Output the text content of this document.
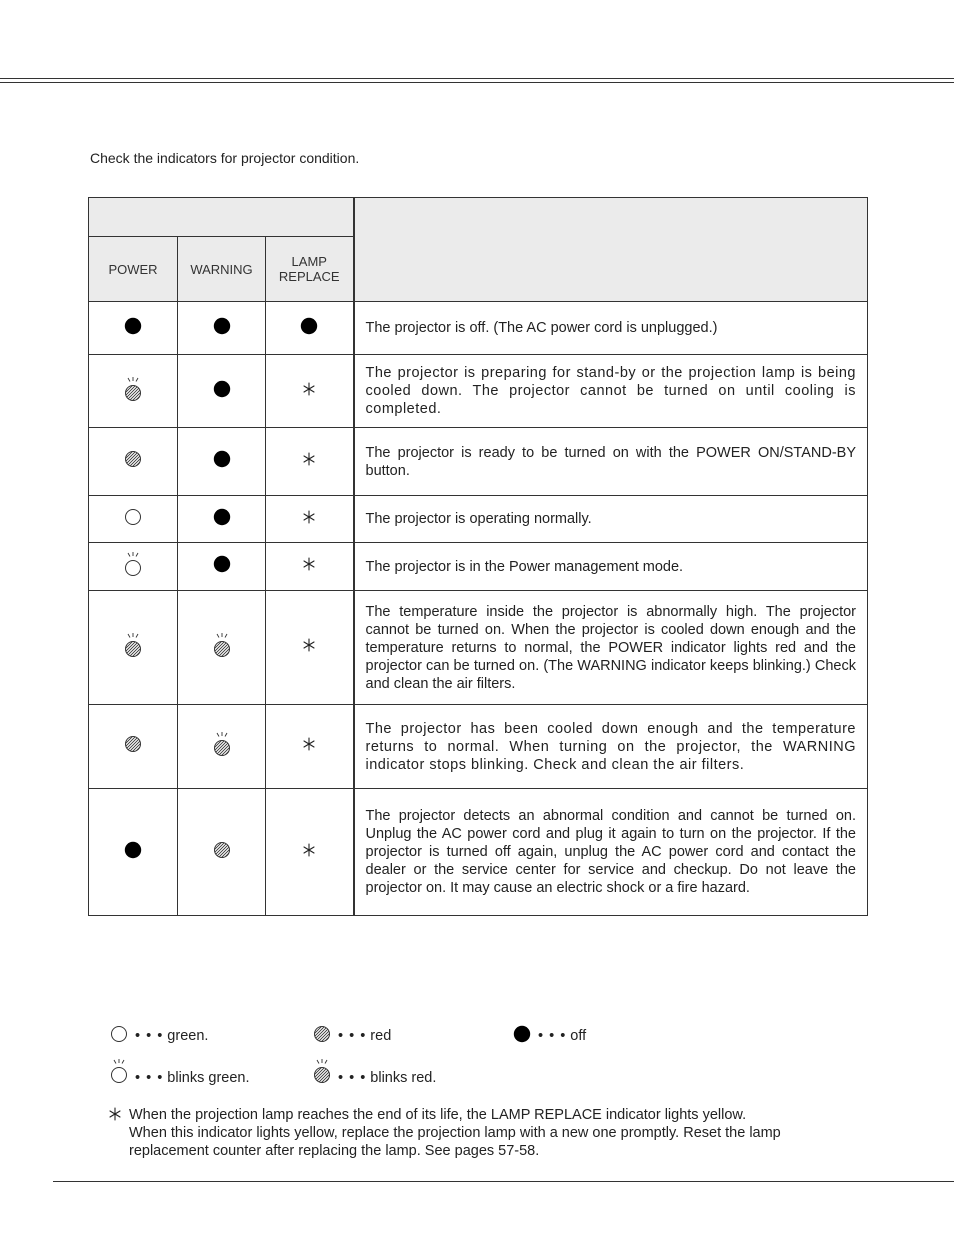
Check the indicators for projector condition.

POWER	WARNING	LAMP
REPLACE	
			The projector is off. (The AC power cord is unplugged.)
			The projector is preparing for stand-by or the projection lamp is being cooled down. The projector cannot be turned on until cooling is completed.
			The projector is ready to be turned on with the POWER ON/STAND-BY button.
			The projector is operating normally.
			The projector is in the Power management mode.
			The temperature inside the projector is abnormally high. The projector cannot be turned on. When the projector is cooled down enough and the temperature returns to normal, the POWER indicator lights red and the projector can be turned on. (The WARNING indicator keeps blinking.) Check and clean the air filters.
			The projector has been cooled down enough and the temperature returns to normal. When turning on the projector, the WARNING indicator stops blinking. Check and clean the air filters.
			The projector detects an abnormal condition and cannot be turned on. Unplug the AC power cord and plug it again to turn on the projector. If the projector is turned off again, unplug the AC power cord and contact the dealer or the service center for service and checkup. Do not leave the projector on. It may cause an electric shock or a fire hazard.
• • • green.	• • • red	• • • off
• • • blinks green.	• • • blinks red.
When the projection lamp reaches the end of its life, the LAMP REPLACE indicator lights yellow.
When this indicator lights yellow, replace the projection lamp with a new one promptly. Reset the lamp replacement counter after replacing the lamp. See pages 57-58.
